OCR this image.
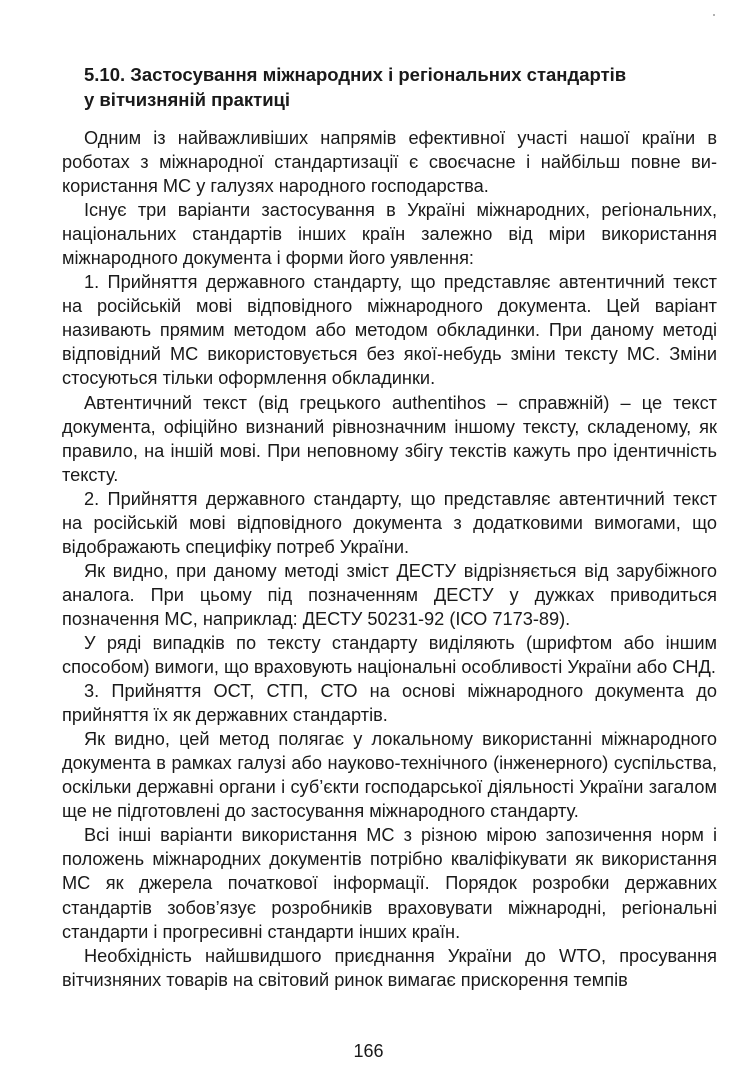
5.10. Застосування міжнародних і регіональних стандартів
у вітчизняній практиці

Одним із найважливіших напрямів ефективної участі нашої країни в роботах з міжнародної стандартизації є своєчасне і найбільш повне використання МС у галузях народного господарства.

Існує три варіанти застосування в Україні міжнародних, регіональних, національних стандартів інших країн залежно від міри використання міжнародного документа і форми його уявлення:

1. Прийняття державного стандарту, що представляє автентичний текст на російській мові відповідного міжнародного документа. Цей варіант називають прямим методом або методом обкладинки. При даному методі відповідний МС використовується без якої-небудь зміни тексту МС. Зміни стосуються тільки оформлення обкладинки.

Автентичний текст (від грецького authentihos – справжній) – це текст документа, офіційно визнаний рівнозначним іншому тексту, складеному, як правило, на іншій мові. При неповному збігу текстів кажуть про ідентичність тексту.

2. Прийняття державного стандарту, що представляє автентичний текст на російській мові відповідного документа з додатковими вимогами, що відображають специфіку потреб України.

Як видно, при даному методі зміст ДЕСТУ відрізняється від зарубіжного аналога. При цьому під позначенням ДЕСТУ у дужках приводиться позначення МС, наприклад: ДЕСТУ 50231-92 (ІСО 7173-89).

У ряді випадків по тексту стандарту виділяють (шрифтом або іншим способом) вимоги, що враховують національні особливості України або СНД.

3. Прийняття ОСТ, СТП, СТО на основі міжнародного документа до прийняття їх як державних стандартів.

Як видно, цей метод полягає у локальному використанні міжнародного документа в рамках галузі або науково-технічного (інженерного) суспільства, оскільки державні органи і суб’єкти господарської діяльності України загалом ще не підготовлені до застосування міжнародного стандарту.

Всі інші варіанти використання МС з різною мірою запозичення норм і положень міжнародних документів потрібно кваліфікувати як використання МС як джерела початкової інформації. Порядок розробки державних стандартів зобов’язує розробників враховувати міжнародні, регіональні стандарти і прогресивні стандарти інших країн.

Необхідність найшвидшого приєднання України до WTO, просування вітчизняних товарів на світовий ринок вимагає прискорення темпів

166
